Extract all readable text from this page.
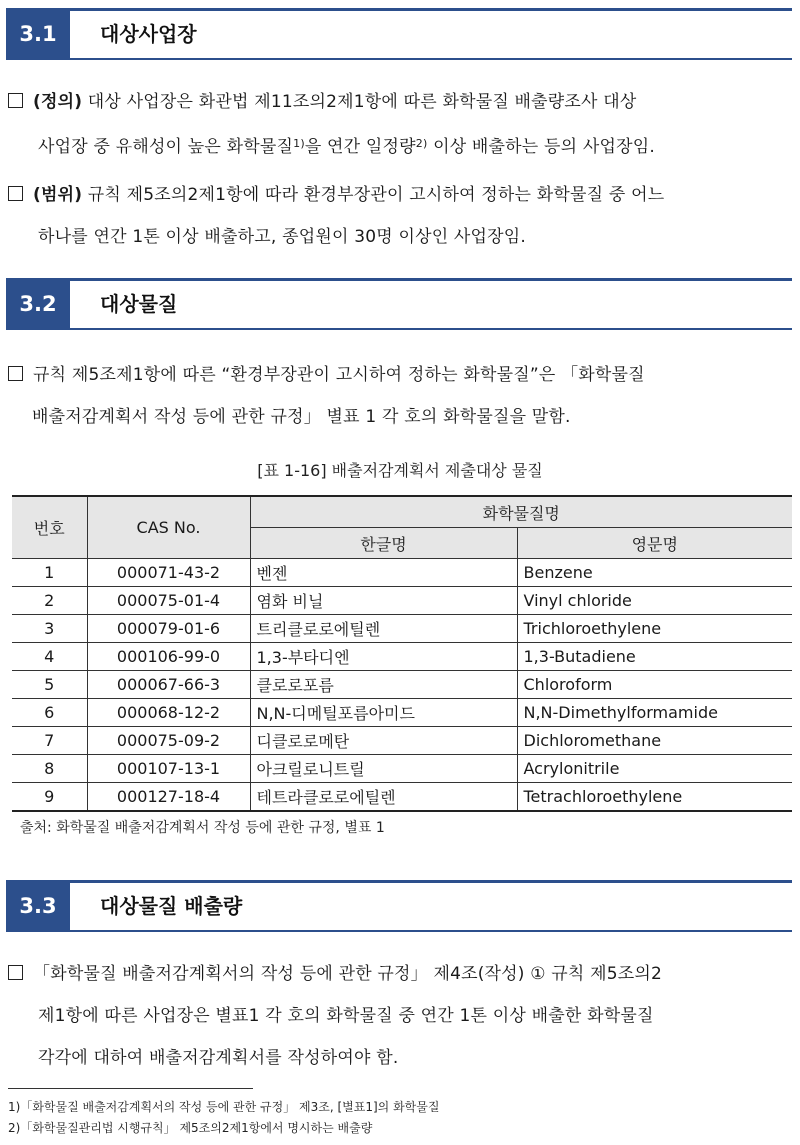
3.1	대상사업장
(정의) 대상 사업장은 화관법 제11조의2제1항에 따른 화학물질 배출량조사 대상
사업장 중 유해성이 높은 화학물질$^{1)}$을 연간 일정량$^{2)}$ 이상 배출하는 등의 사업장임.
(범위) 규칙 제5조의2제1항에 따라 환경부장관이 고시하여 정하는 화학물질 중 어느
하나를 연간 1톤 이상 배출하고, 종업원이 30명 이상인 사업장임.
3.2	대상물질
규칙 제5조제1항에 따른 “환경부장관이 고시하여 정하는 화학물질”은 「화학물질
배출저감계획서 작성 등에 관한 규정」 별표 1 각 호의 화학물질을 말함.
[표 1-16] 배출저감계획서 제출대상 물질
번호	CAS No.	화학물질명	
		한글명	영문명
1	000071-43-2	벤젠	Benzene
2	000075-01-4	염화 비닐	Vinyl chloride
3	000079-01-6	트리클로로에틸렌	Trichloroethylene
4	000106-99-0	1,3-부타디엔	1,3-Butadiene
5	000067-66-3	클로로포름	Chloroform
6	000068-12-2	N,N-디메틸포름아미드	N,N-Dimethylformamide
7	000075-09-2	디클로로메탄	Dichloromethane
8	000107-13-1	아크릴로니트릴	Acrylonitrile
9	000127-18-4	테트라클로로에틸렌	Tetrachloroethylene
출처: 화학물질 배출저감계획서 작성 등에 관한 규정, 별표 1
3.3	대상물질 배출량
「화학물질 배출저감계획서의 작성 등에 관한 규정」 제4조(작성) ① 규칙 제5조의2
제1항에 따른 사업장은 별표1 각 호의 화학물질 중 연간 1톤 이상 배출한 화학물질
각각에 대하여 배출저감계획서를 작성하여야 함.
1)「화학물질 배출저감계획서의 작성 등에 관한 규정」 제3조, [별표1]의 화학물질
2)「화학물질관리법 시행규칙」 제5조의2제1항에서 명시하는 배출량
